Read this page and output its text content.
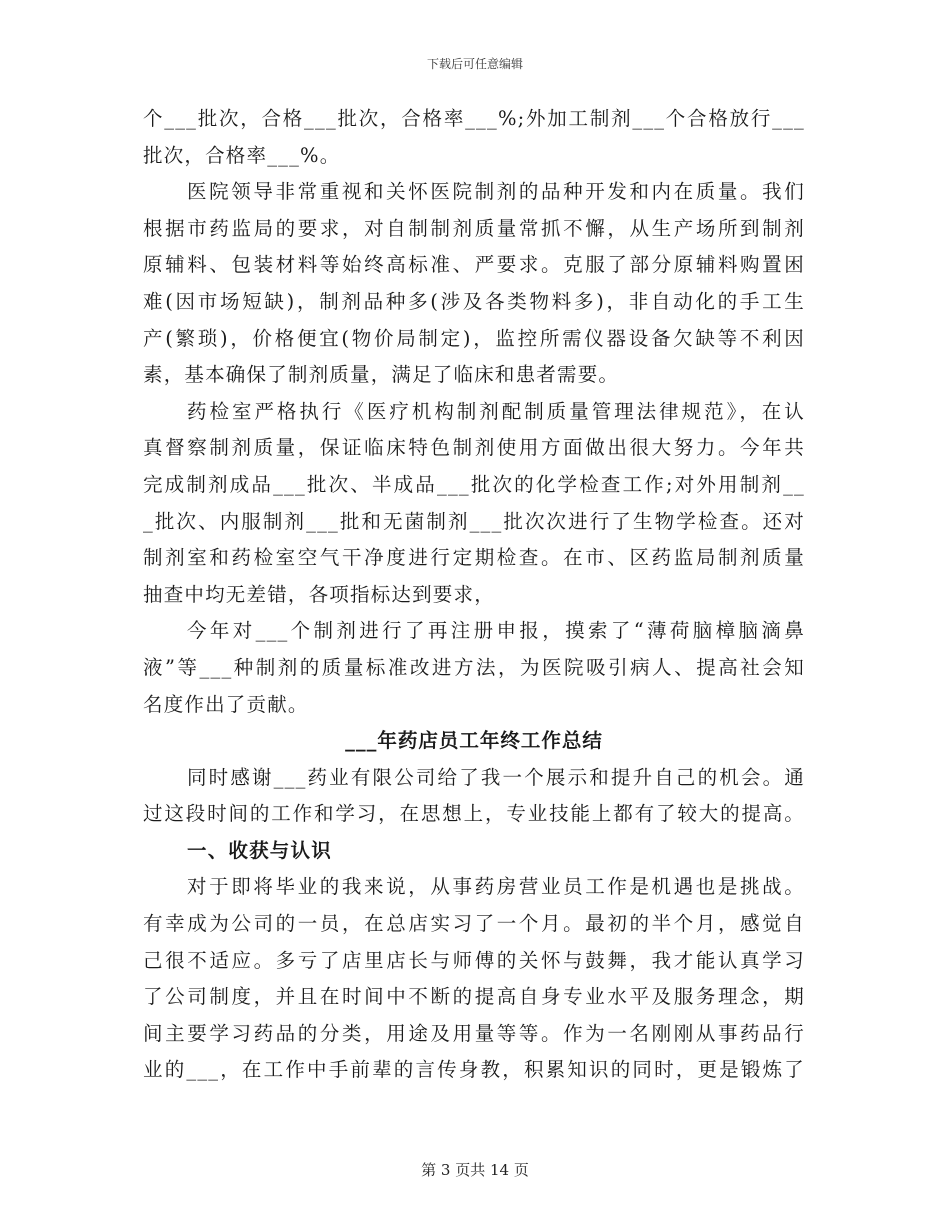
下载后可任意编辑
个___批次，合格___批次，合格率___%;外加工制剂___个合格放行___
批次，合格率___%。
医院领导非常重视和关怀医院制剂的品种开发和内在质量。我们
根据市药监局的要求，对自制制剂质量常抓不懈，从生产场所到制剂
原辅料、包装材料等始终高标准、严要求。克服了部分原辅料购置困
难(因市场短缺)，制剂品种多(涉及各类物料多)，非自动化的手工生
产(繁琐)，价格便宜(物价局制定)，监控所需仪器设备欠缺等不利因
素，基本确保了制剂质量，满足了临床和患者需要。
药检室严格执行《医疗机构制剂配制质量管理法律规范》，在认
真督察制剂质量，保证临床特色制剂使用方面做出很大努力。今年共
完成制剂成品___批次、半成品___批次的化学检查工作;对外用制剂__
_批次、内服制剂___批和无菌制剂___批次次进行了生物学检查。还对
制剂室和药检室空气干净度进行定期检查。在市、区药监局制剂质量
抽查中均无差错，各项指标达到要求，
今年对___个制剂进行了再注册申报，摸索了“薄荷脑樟脑滴鼻
液”等___种制剂的质量标准改进方法，为医院吸引病人、提高社会知
名度作出了贡献。
___年药店员工年终工作总结
同时感谢___药业有限公司给了我一个展示和提升自己的机会。通
过这段时间的工作和学习，在思想上，专业技能上都有了较大的提高。
一、收获与认识
对于即将毕业的我来说，从事药房营业员工作是机遇也是挑战。
有幸成为公司的一员，在总店实习了一个月。最初的半个月，感觉自
己很不适应。多亏了店里店长与师傅的关怀与鼓舞，我才能认真学习
了公司制度，并且在时间中不断的提高自身专业水平及服务理念，期
间主要学习药品的分类，用途及用量等等。作为一名刚刚从事药品行
业的___，在工作中手前辈的言传身教，积累知识的同时，更是锻炼了
第 3 页共 14 页
